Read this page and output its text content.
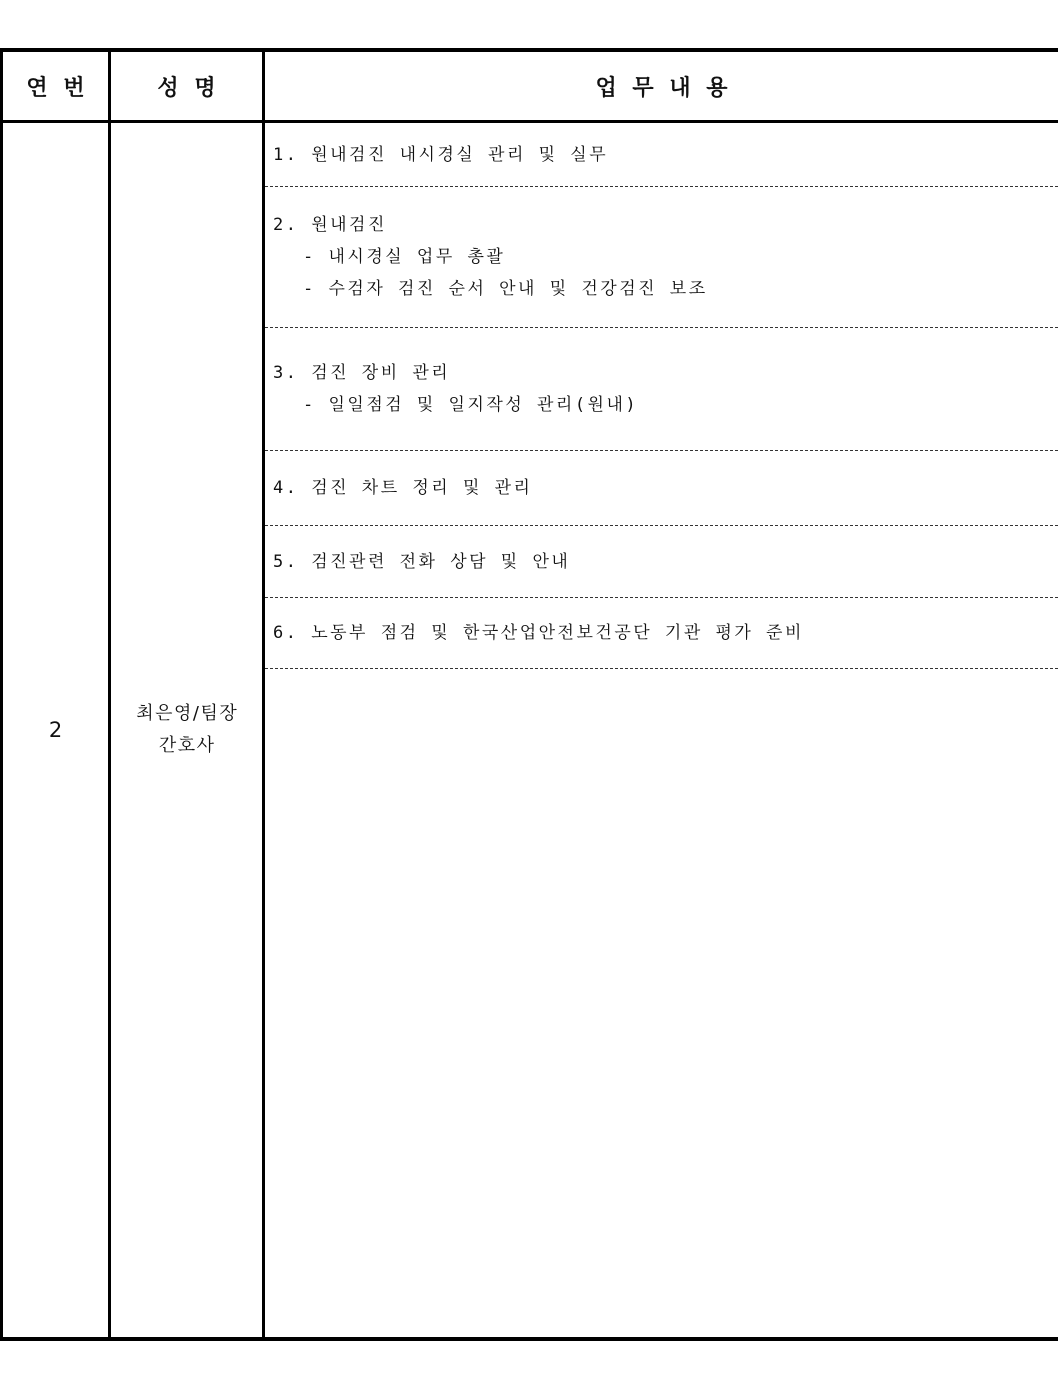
연 번	성 명	업 무 내 용
2
최은영/팀장
간호사
1. 원내검진 내시경실 관리 및 실무
2. 원내검진
- 내시경실 업무 총괄
- 수검자 검진 순서 안내 및 건강검진 보조
3. 검진 장비 관리
- 일일점검 및 일지작성 관리(원내)
4. 검진 차트 정리 및 관리
5. 검진관련 전화 상담 및 안내
6. 노동부 점검 및 한국산업안전보건공단 기관 평가 준비
